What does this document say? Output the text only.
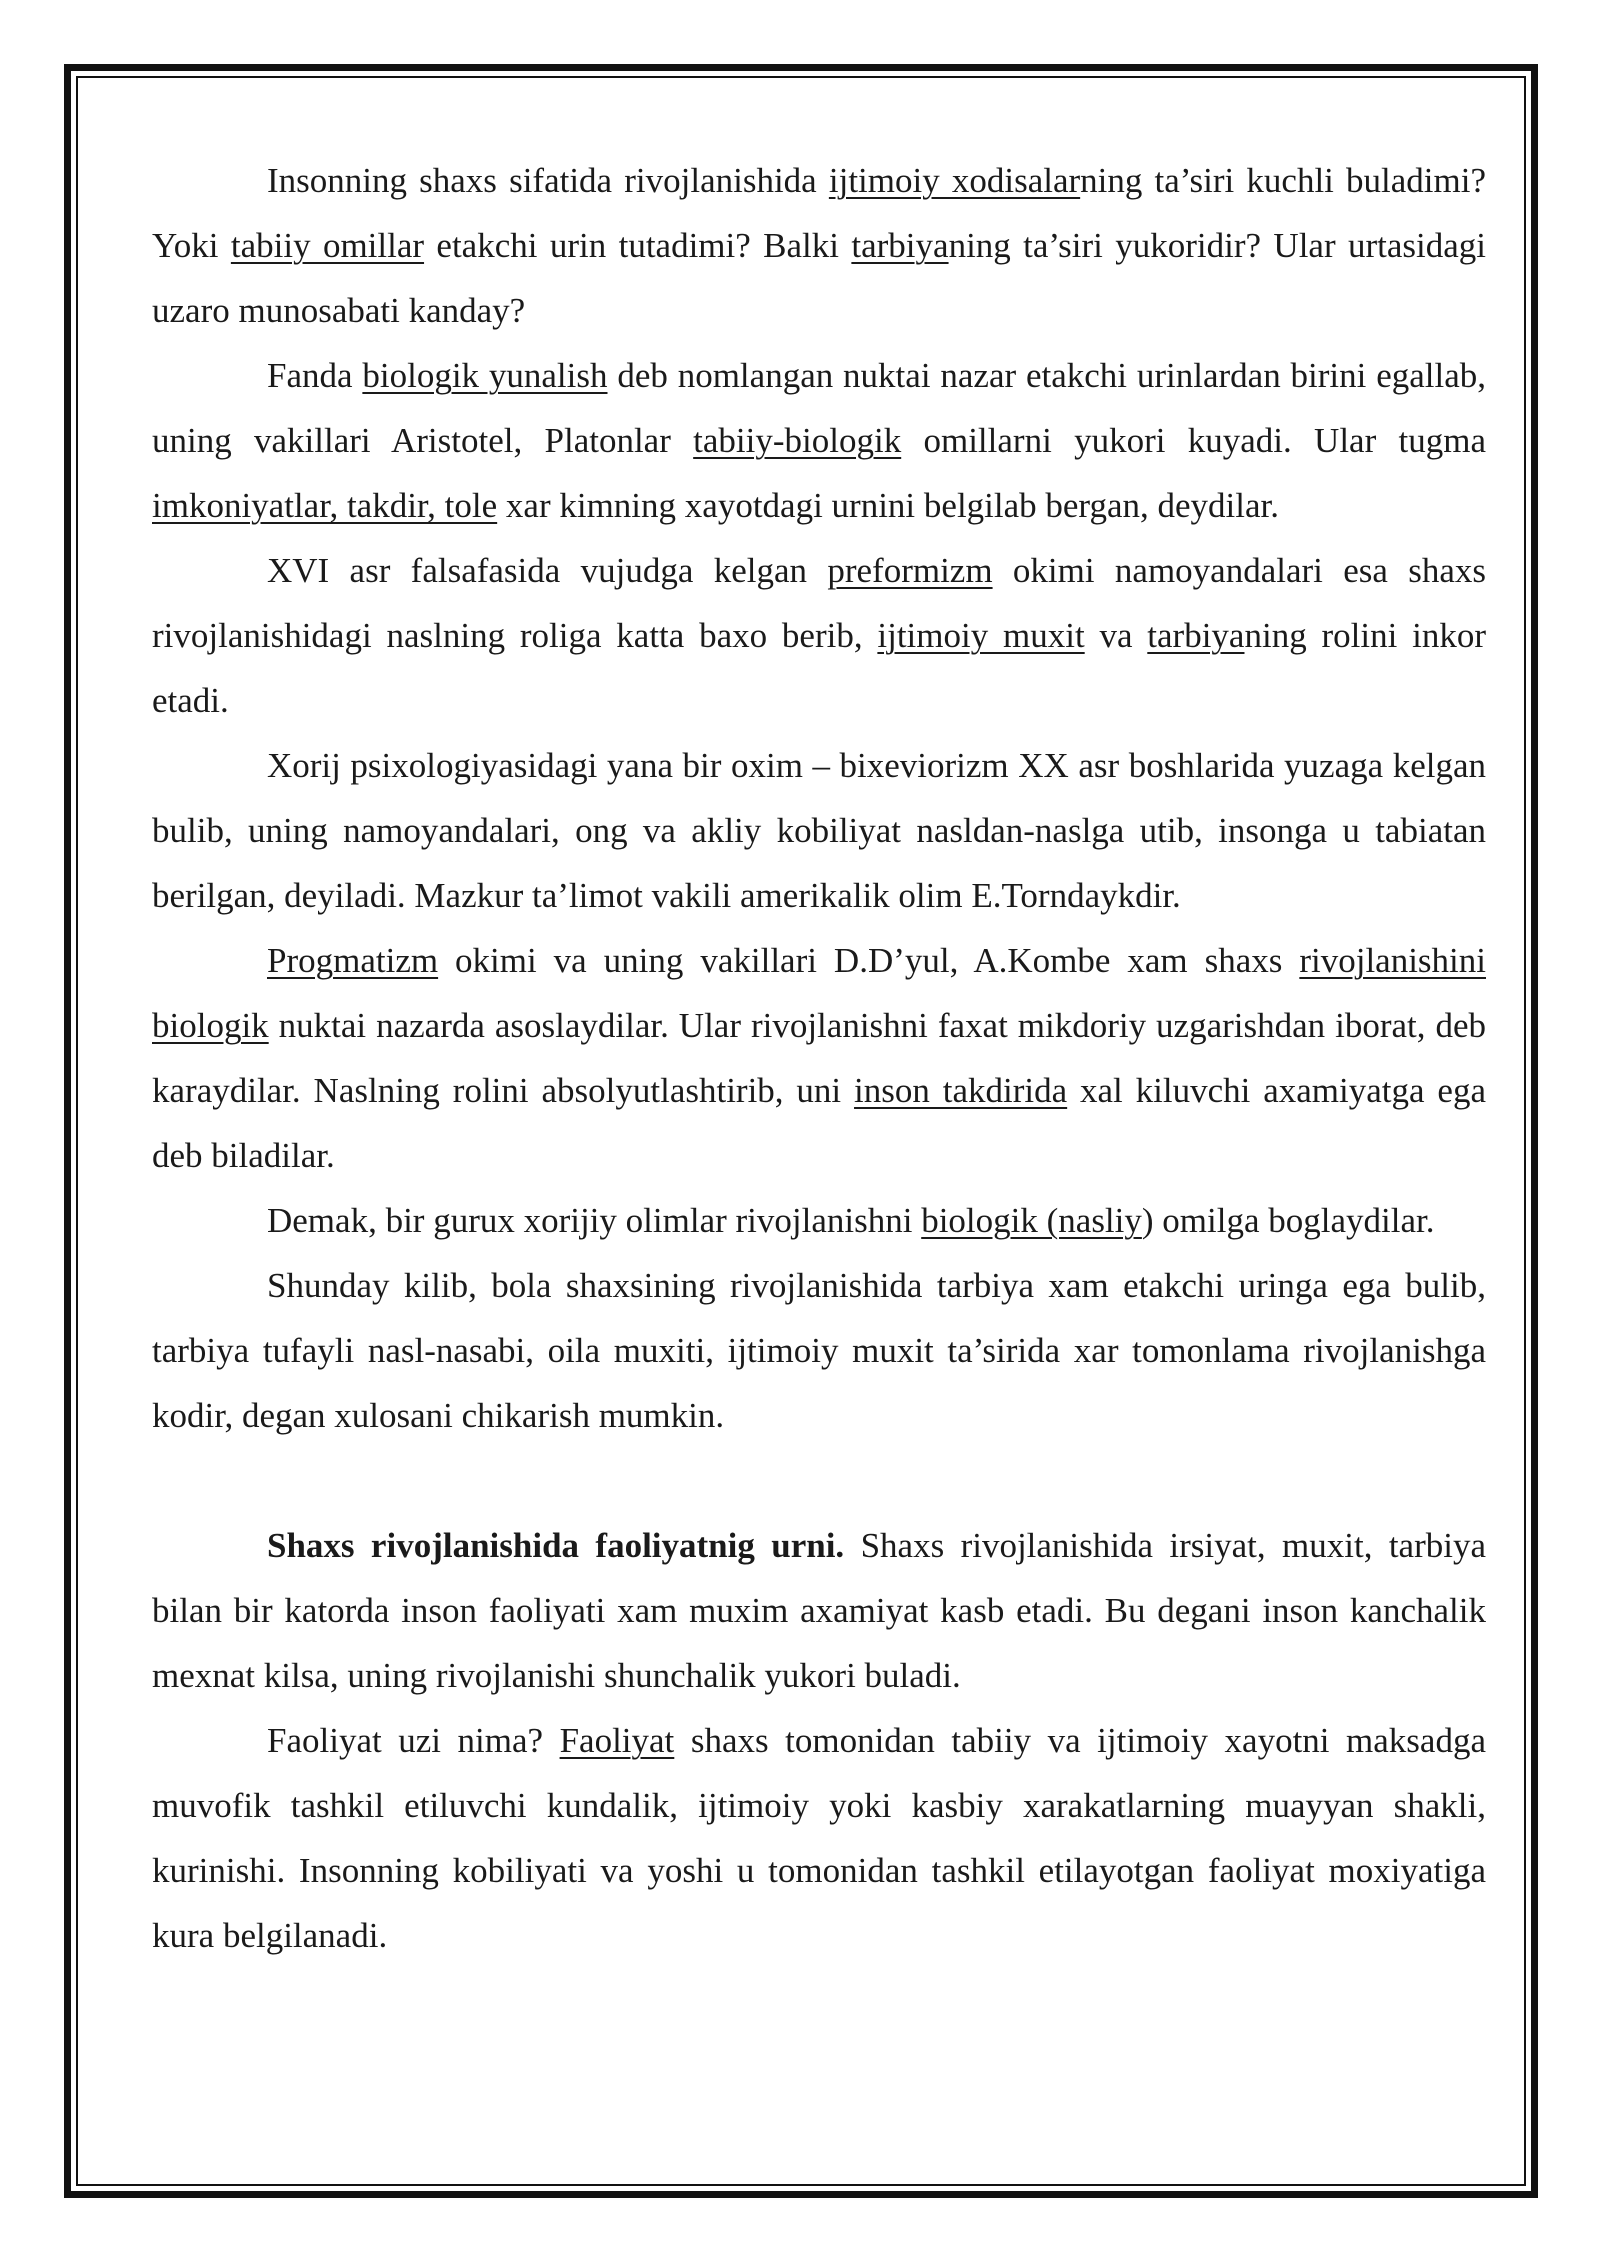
Insonning shaxs sifatida rivojlanishida ijtimoiy xodisalarning ta’siri kuchli buladimi? Yoki tabiiy omillar etakchi urin tutadimi? Balki tarbiyaning ta’siri yukoridir? Ular urtasidagi uzaro munosabati kanday?

Fanda biologik yunalish deb nomlangan nuktai nazar etakchi urinlardan birini egallab, uning vakillari Aristotel, Platonlar tabiiy-biologik omillarni yukori kuyadi. Ular tugma imkoniyatlar, takdir, tole xar kimning xayotdagi urnini belgilab bergan, deydilar.

XVI asr falsafasida vujudga kelgan preformizm okimi namoyandalari esa shaxs rivojlanishidagi naslning roliga katta baxo berib, ijtimoiy muxit va tarbiyaning rolini inkor etadi.

Xorij psixologiyasidagi yana bir oxim – bixeviorizm XX asr boshlarida yuzaga kelgan bulib, uning namoyandalari, ong va akliy kobiliyat nasldan-naslga utib, insonga u tabiatan berilgan, deyiladi. Mazkur ta’limot vakili amerikalik olim E.Torndaykdir.

Progmatizm okimi va uning vakillari D.D’yul, A.Kombe xam shaxs rivojlanishini biologik nuktai nazarda asoslaydilar. Ular rivojlanishni faxat mikdoriy uzgarishdan iborat, deb karaydilar. Naslning rolini absolyutlashtirib, uni inson takdirida xal kiluvchi axamiyatga ega deb biladilar.

Demak, bir gurux xorijiy olimlar rivojlanishni biologik (nasliy) omilga boglaydilar.

Shunday kilib, bola shaxsining rivojlanishida tarbiya xam etakchi uringa ega bulib, tarbiya tufayli nasl-nasabi, oila muxiti, ijtimoiy muxit ta’sirida xar tomonlama rivojlanishga kodir, degan xulosani chikarish mumkin.

Shaxs rivojlanishida faoliyatnig urni. Shaxs rivojlanishida irsiyat, muxit, tarbiya bilan bir katorda inson faoliyati xam muxim axamiyat kasb etadi. Bu degani inson kanchalik mexnat kilsa, uning rivojlanishi shunchalik yukori buladi.

Faoliyat uzi nima? Faoliyat shaxs tomonidan tabiiy va ijtimoiy xayotni maksadga muvofik tashkil etiluvchi kundalik, ijtimoiy yoki kasbiy xarakatlarning muayyan shakli, kurinishi. Insonning kobiliyati va yoshi u tomonidan tashkil etilayotgan faoliyat moxiyatiga kura belgilanadi.
